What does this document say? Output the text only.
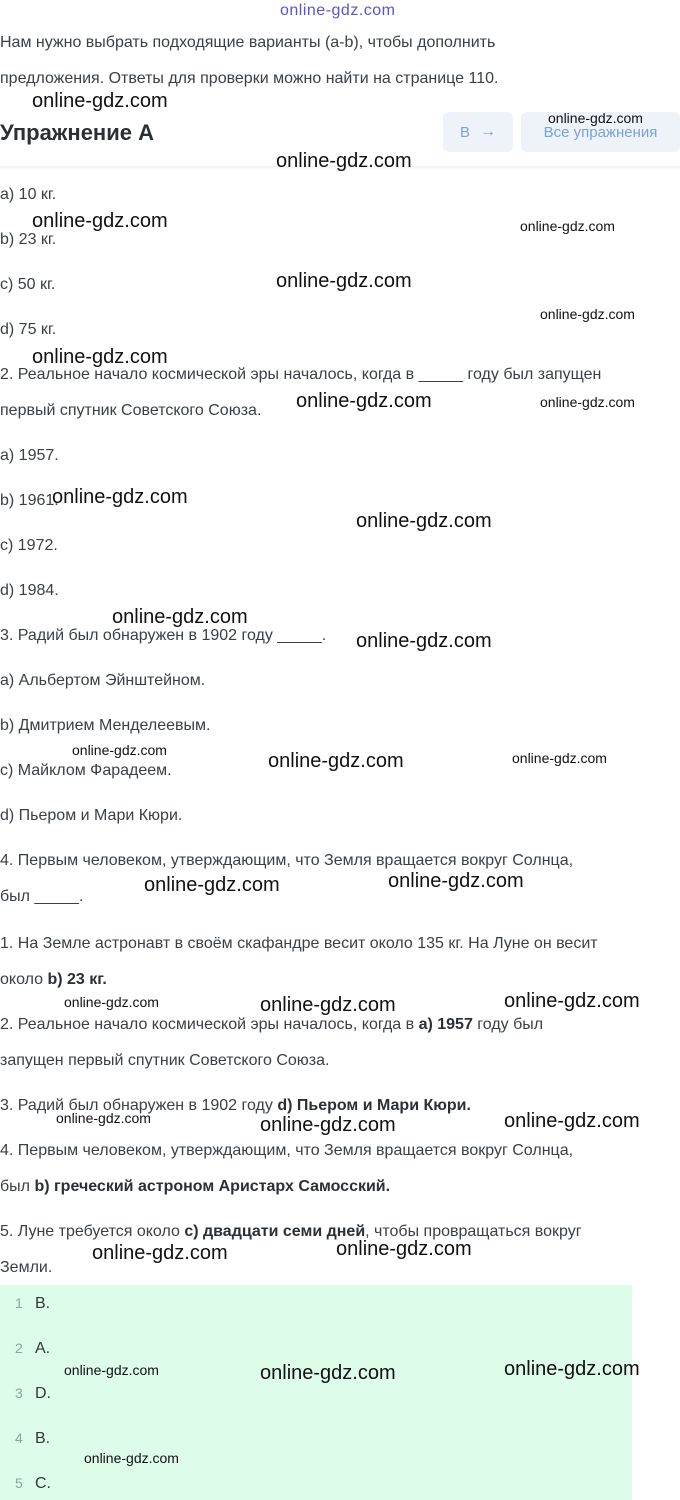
online-gdz.com
Нам нужно выбрать подходящие варианты (a-b), чтобы дополнить
предложения. Ответы для проверки можно найти на странице 110.
Упражнение А	В →	Все упражнения
a) 10 кг.
b) 23 кг.
c) 50 кг.
d) 75 кг.
2. Реальное начало космической эры началось, когда в _____ году был запущен
первый спутник Советского Союза.
a) 1957.
b) 1961.
c) 1972.
d) 1984.
3. Радий был обнаружен в 1902 году _____.
a) Альбертом Эйнштейном.
b) Дмитрием Менделеевым.
c) Майклом Фарадеем.
d) Пьером и Мари Кюри.
4. Первым человеком, утверждающим, что Земля вращается вокруг Солнца,
был _____.
1. На Земле астронавт в своём скафандре весит около 135 кг. На Луне он весит
около b) 23 кг.
2. Реальное начало космической эры началось, когда в a) 1957 году был
запущен первый спутник Советского Союза.
3. Радий был обнаружен в 1902 году d) Пьером и Мари Кюри.
4. Первым человеком, утверждающим, что Земля вращается вокруг Солнца,
был b) греческий астроном Аристарх Самосский.
5. Луне требуется около c) двадцати семи дней, чтобы провращаться вокруг
Земли.
1 B.
2 A.
3 D.
4 B.
5 C.
online-gdz.com
online-gdz.com
online-gdz.com
online-gdz.com	online-gdz.com
online-gdz.com
online-gdz.com
online-gdz.com
online-gdz.com	online-gdz.com
online-gdz.com
online-gdz.com
online-gdz.com
online-gdz.com
online-gdz.com	online-gdz.com	online-gdz.com
online-gdz.com	online-gdz.com
online-gdz.com	online-gdz.com	online-gdz.com
online-gdz.com	online-gdz.com	online-gdz.com
online-gdz.com	online-gdz.com
online-gdz.com	online-gdz.com	online-gdz.com
online-gdz.com
